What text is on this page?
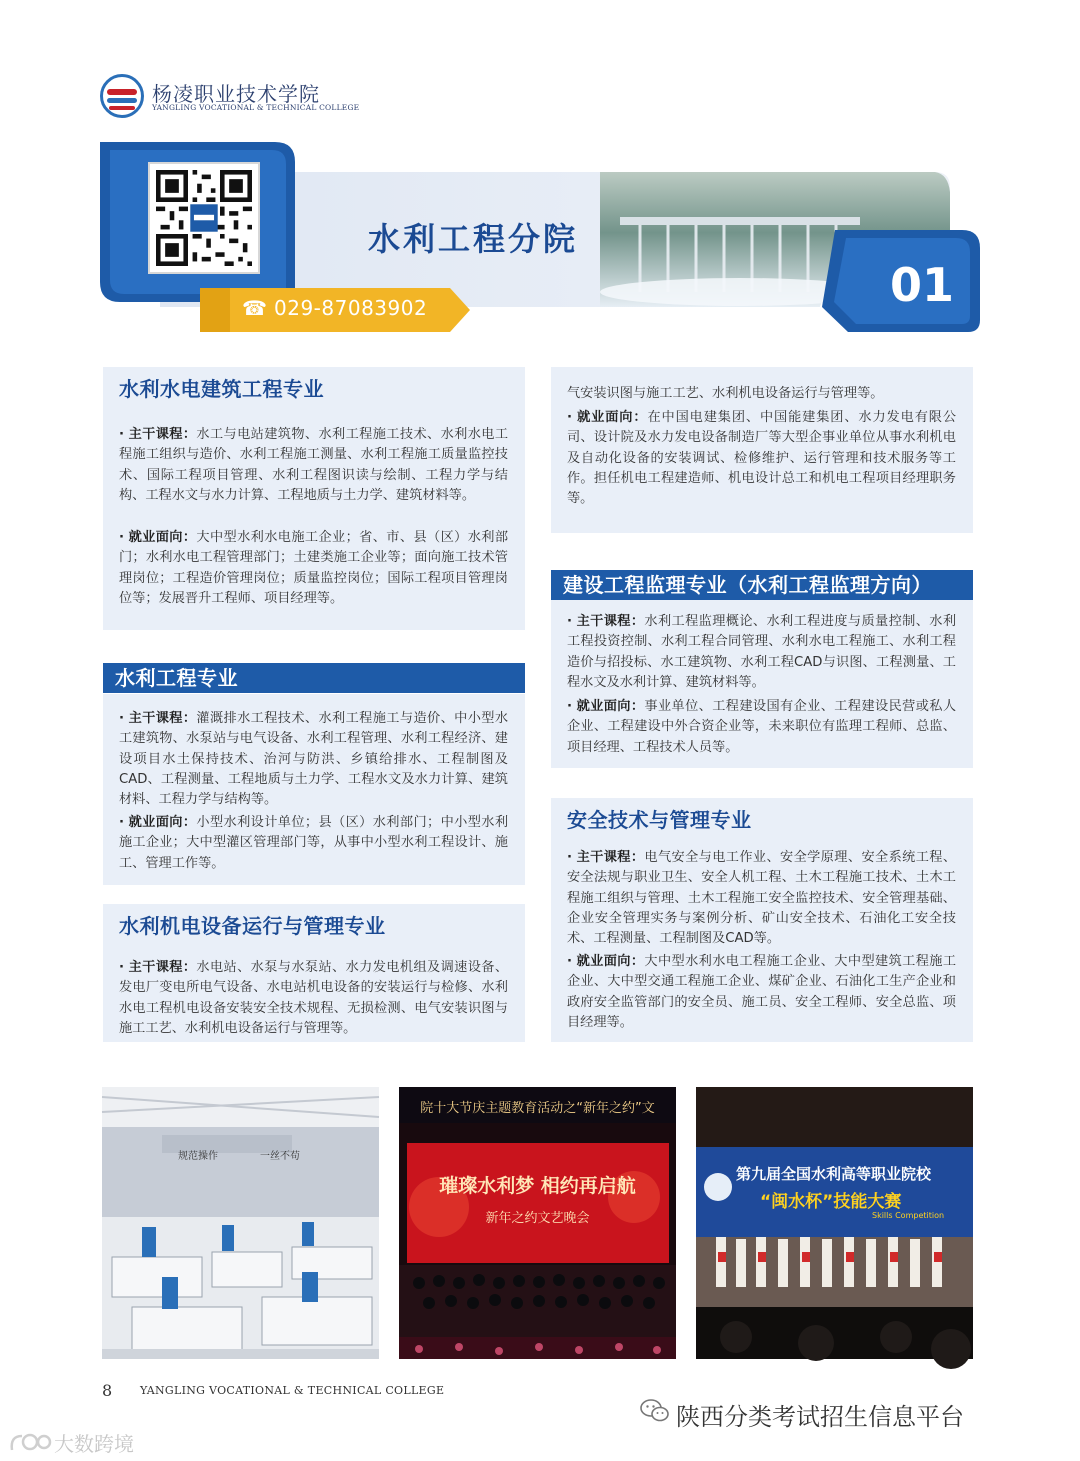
杨凌职业技术学院
YANGLING VOCATIONAL & TECHNICAL COLLEGE
水利工程分院
☎ 029-87083902	01
水利水电建筑工程专业
· 主干课程：水工与电站建筑物、水利工程施工技术、水利水电工程施工组织与造价、水利工程施工测量、水利工程施工质量监控技术、国际工程项目管理、水利工程图识读与绘制、工程力学与结构、工程水文与水力计算、工程地质与土力学、建筑材料等。
· 就业面向：大中型水利水电施工企业；省、市、县（区）水利部门；水利水电工程管理部门；土建类施工企业等；面向施工技术管理岗位；工程造价管理岗位；质量监控岗位；国际工程项目管理岗位等；发展晋升工程师、项目经理等。
水利工程专业
· 主干课程：灌溉排水工程技术、水利工程施工与造价、中小型水工建筑物、水泵站与电气设备、水利工程管理、水利工程经济、建设项目水土保持技术、治河与防洪、乡镇给排水、工程制图及CAD、工程测量、工程地质与土力学、工程水文及水力计算、建筑材料、工程力学与结构等。
· 就业面向：小型水利设计单位；县（区）水利部门；中小型水利施工企业；大中型灌区管理部门等，从事中小型水利工程设计、施工、管理工作等。
水利机电设备运行与管理专业
· 主干课程：水电站、水泵与水泵站、水力发电机组及调速设备、发电厂变电所电气设备、水电站机电设备的安装运行与检修、水利水电工程机电设备安装安全技术规程、无损检测、电气安装识图与施工工艺、水利机电设备运行与管理等。
气安装识图与施工工艺、水利机电设备运行与管理等。
· 就业面向：在中国电建集团、中国能建集团、水力发电有限公司、设计院及水力发电设备制造厂等大型企事业单位从事水利机电及自动化设备的安装调试、检修维护、运行管理和技术服务等工作。担任机电工程建造师、机电设计总工和机电工程项目经理职务等。
建设工程监理专业（水利工程监理方向）
· 主干课程：水利工程监理概论、水利工程进度与质量控制、水利工程投资控制、水利工程合同管理、水利水电工程施工、水利工程造价与招投标、水工建筑物、水利工程CAD与识图、工程测量、工程水文及水利计算、建筑材料等。
· 就业面向：事业单位、工程建设国有企业、工程建设民营或私人企业、工程建设中外合资企业等，未来职位有监理工程师、总监、项目经理、工程技术人员等。
安全技术与管理专业
· 主干课程：电气安全与电工作业、安全学原理、安全系统工程、安全法规与职业卫生、安全人机工程、土木工程施工技术、土木工程施工组织与管理、土木工程施工安全监控技术、安全管理基础、企业安全管理实务与案例分析、矿山安全技术、石油化工安全技术、工程测量、工程制图及CAD等。
· 就业面向：大中型水利水电工程施工企业、大中型建筑工程施工企业、大中型交通工程施工企业、煤矿企业、石油化工生产企业和政府安全监管部门的安全员、施工员、安全工程师、安全总监、项目经理等。
规范操作	一丝不苟
院十大节庆主题教育活动之“新年之约”文
璀璨水利梦 相约再启航
新年之约文艺晚会
第九届全国水利高等职业院校
“闽水杯”技能大赛
Skills Competition
8	YANGLING VOCATIONAL & TECHNICAL COLLEGE
陕西分类考试招生信息平台
大数跨境
